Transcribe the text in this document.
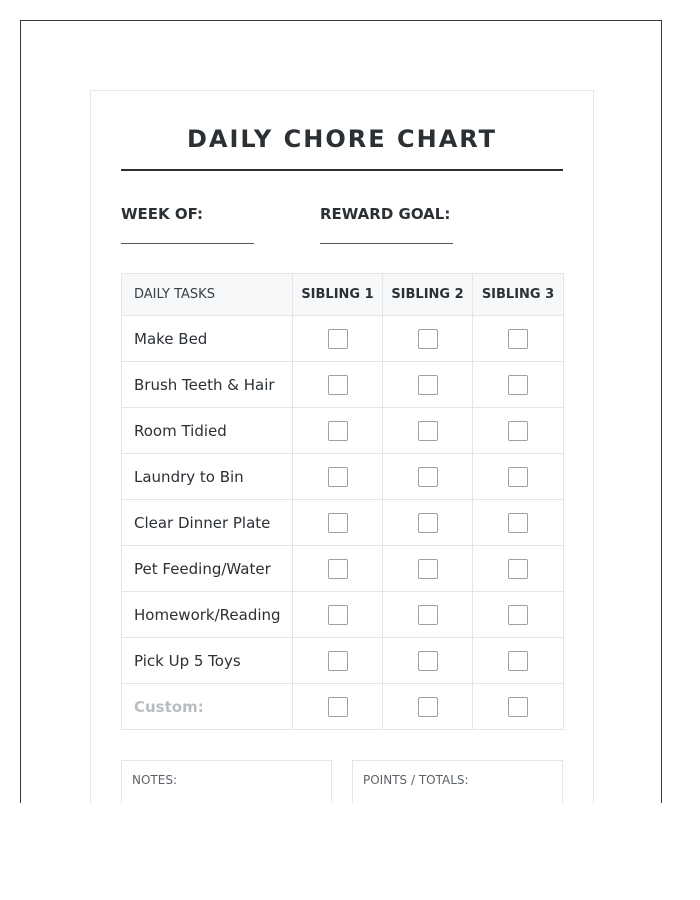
DAILY CHORE CHART
WEEK OF:	REWARD GOAL:
DAILY TASKS	SIBLING 1	SIBLING 2	SIBLING 3
Make Bed			
Brush Teeth & Hair			
Room Tidied			
Laundry to Bin			
Clear Dinner Plate			
Pet Feeding/Water			
Homework/Reading			
Pick Up 5 Toys			
Custom:			
NOTES:	POINTS / TOTALS:
